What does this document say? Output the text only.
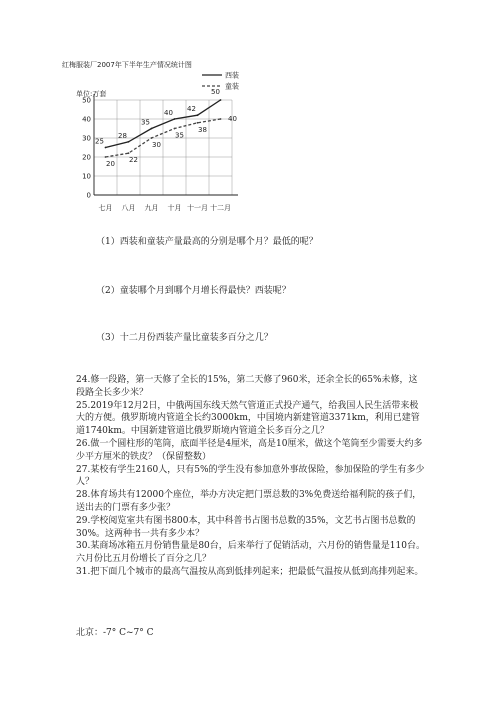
红梅服装厂2007年下半年生产情况统计图
单位:万套
0
10
20
30
40
50
七月 八月 九月 十月 十一月 十二月
西装
童装
25
28
35
40 42
50
20 22
30
35
38
40
（1）西装和童装产量最高的分别是哪个月？最低的呢？
（2）童装哪个月到哪个月增长得最快？西装呢？
（3）十二月份西装产量比童装多百分之几？

24.修一段路，第一天修了全长的15%，第二天修了960米，还余全长的65%未修，这段路全长多少米？

25.2019年12月2日，中俄两国东线天然气管道正式投产通气，给我国人民生活带来极大的方便。俄罗斯境内管道全长约3000km，中国境内新建管道3371km，利用已建管道1740km。中国新建管道比俄罗斯境内管道全长多百分之几？

26.做一个圆柱形的笔筒，底面半径是4厘米，高是10厘米，做这个笔筒至少需要大约多少平方厘米的铁皮？（保留整数）

27.某校有学生2160人，只有5%的学生没有参加意外事故保险，参加保险的学生有多少人？

28.体育场共有12000个座位，举办方决定把门票总数的3%免费送给福利院的孩子们，送出去的门票有多少张？

29.学校阅览室共有图书800本，其中科普书占图书总数的35%，文艺书占图书总数的30%。这两种书一共有多少本？

30.某商场冰箱五月份销售量是80台，后来举行了促销活动，六月份的销售量是110台。六月份比五月份增长了百分之几？

31.把下面几个城市的最高气温按从高到低排列起来；把最低气温按从低到高排列起来。

北京：-7° C~7° C
